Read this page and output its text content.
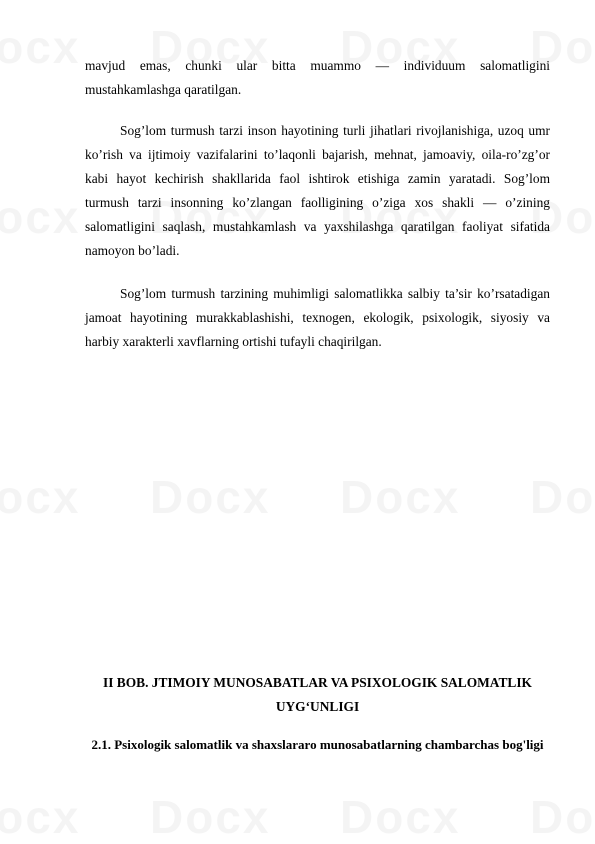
mavjud emas, chunki ular bitta muammo — individuum salomatligini mustahkamlashga qaratilgan.

Sog’lom turmush tarzi inson hayotining turli jihatlari rivojlanishiga, uzoq umr ko’rish va ijtimoiy vazifalarini to’laqonli bajarish, mehnat, jamoaviy, oila-ro’zg’or kabi hayot kechirish shakllarida faol ishtirok etishiga zamin yaratadi. Sog’lom turmush tarzi insonning ko’zlangan faolligining o’ziga xos shakli — o’zining salomatligini saqlash, mustahkamlash va yaxshilashga qaratilgan faoliyat sifatida namoyon bo’ladi.

Sog’lom turmush tarzining muhimligi salomatlikka salbiy ta’sir ko’rsatadigan jamoat hayotining murakkablashishi, texnogen, ekologik, psixologik, siyosiy va harbiy xarakterli xavflarning ortishi tufayli chaqirilgan.

II BOB. JTIMOIY MUNOSABATLAR VA PSIXOLOGIK SALOMATLIK UYG‘UNLIGI
2.1. Psixologik salomatlik va shaxslararo munosabatlarning chambarchas bog'ligi
